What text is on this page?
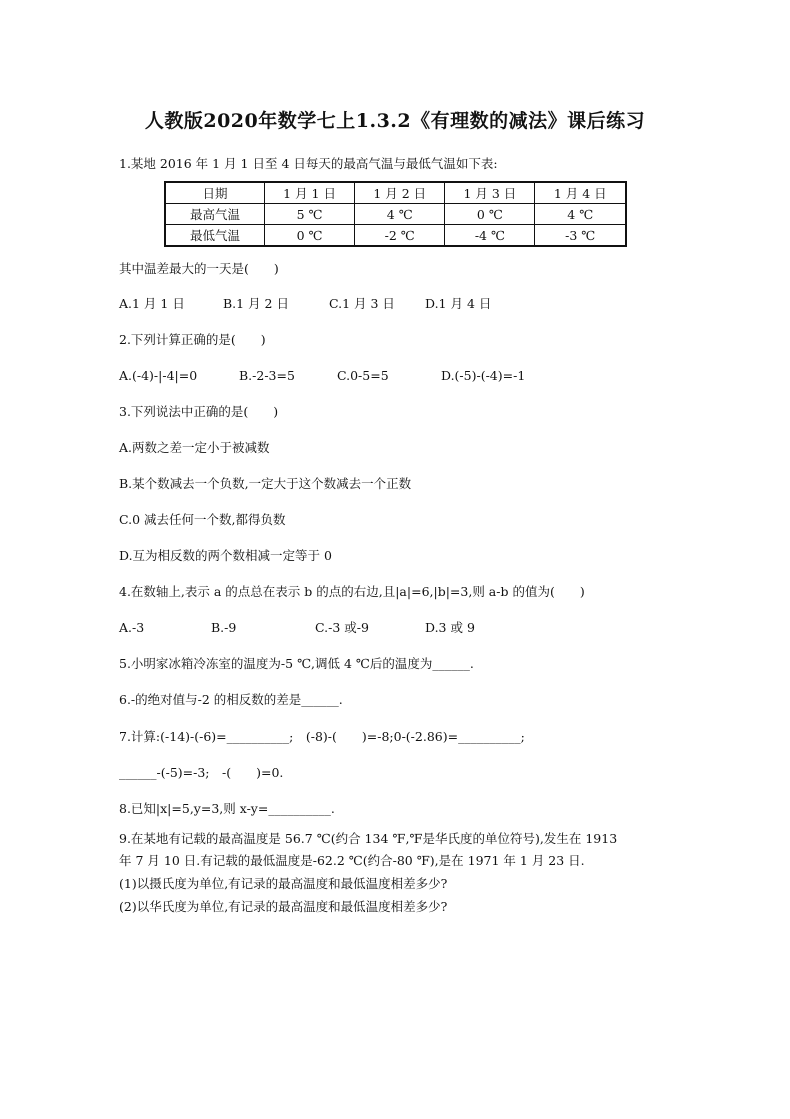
人教版2020年数学七上1.3.2《有理数的减法》课后练习
1.某地 2016 年 1 月 1 日至 4 日每天的最高气温与最低气温如下表:
日期	1 月 1 日	1 月 2 日	1 月 3 日	1 月 4 日
最高气温	5 ℃	4 ℃	0 ℃	4 ℃
最低气温	0 ℃	-2 ℃	-4 ℃	-3 ℃
其中温差最大的一天是(　　)
A.1 月 1 日	B.1 月 2 日	C.1 月 3 日 D.1 月 4 日
2.下列计算正确的是(　　)
A.(-4)-|-4|=0	B.-2-3=5	C.0-5=5	D.(-5)-(-4)=-1
3.下列说法中正确的是(　　)
A.两数之差一定小于被减数
B.某个数减去一个负数,一定大于这个数减去一个正数
C.0 减去任何一个数,都得负数
D.互为相反数的两个数相减一定等于 0
4.在数轴上,表示 a 的点总在表示 b 的点的右边,且|a|=6,|b|=3,则 a-b 的值为(　　)
A.-3	B.-9	C.-3 或-9	D.3 或 9
5.小明家冰箱冷冻室的温度为-5 ℃,调低 4 ℃后的温度为______.
6.-的绝对值与-2 的相反数的差是______.
7.计算:(-14)-(-6)=__________;　(-8)-(　　)=-8;0-(-2.86)=__________;
______-(-5)=-3;　-(　　)=0.
8.已知|x|=5,y=3,则 x-y=__________.
9.在某地有记载的最高温度是 56.7 ℃(约合 134 ℉,℉是华氏度的单位符号),发生在 1913
年 7 月 10 日.有记载的最低温度是-62.2 ℃(约合-80 ℉),是在 1971 年 1 月 23 日.
(1)以摄氏度为单位,有记录的最高温度和最低温度相差多少?
(2)以华氏度为单位,有记录的最高温度和最低温度相差多少?
